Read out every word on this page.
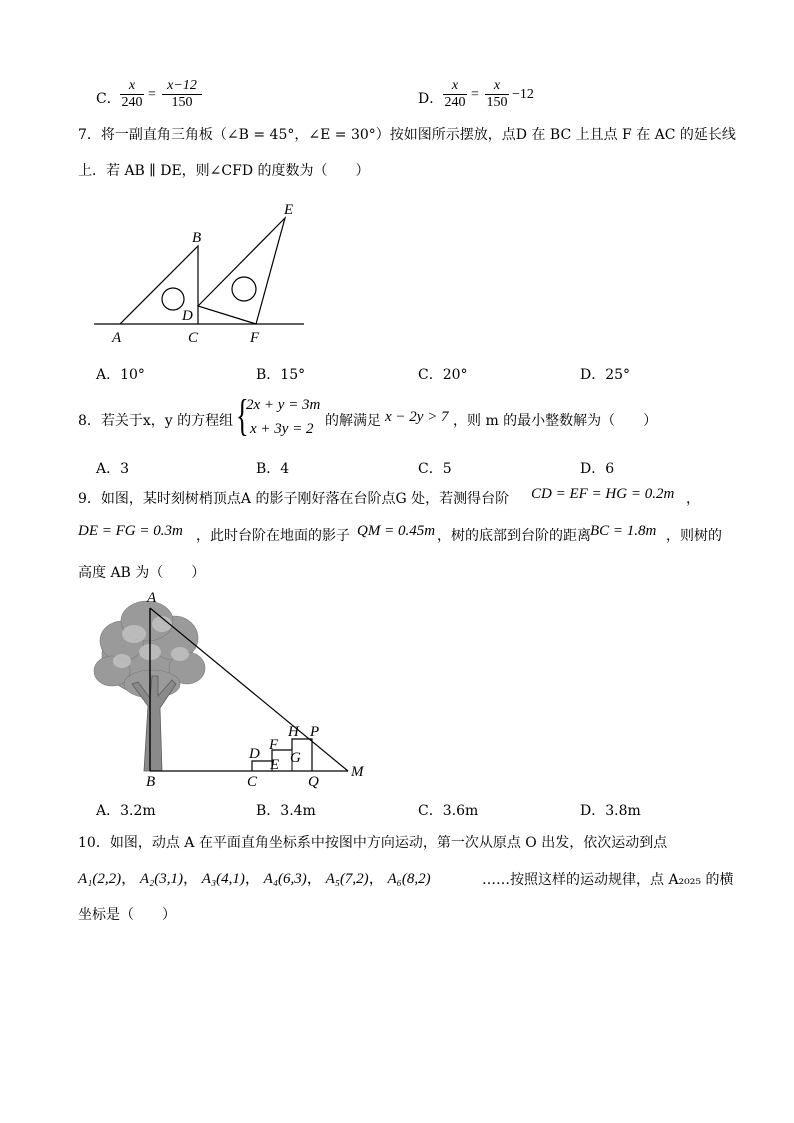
C． $\frac{x}{240} = \frac{x-12}{150}$	D． $\frac{x}{240} = \frac{x}{150} -12$
7．将一副直角三角板（∠B = 45°，∠E = 30°）按如图所示摆放，点D 在 BC 上且点 F 在 AC 的延长线
上．若 AB ∥ DE，则∠CFD 的度数为（　　）
A
B
C
D
E
F
A．10°	B．15°	C．20°	D．25°
8．若关于x，y 的方程组 {
2x + y = 3m
x + 3y = 2 的解满足 x − 2y > 7 ，则 m 的最小整数解为（　　）
A．3	B．4	C．5	D．6
9．如图，某时刻树梢顶点A 的影子刚好落在台阶点G 处，若测得台阶 CD = EF = HG = 0.2m ，
DE = FG = 0.3m ，此时台阶在地面的影子 QM = 0.45m ，树的底部到台阶的距离 BC = 1.8m ，则树的
高度 AB 为（　　）
A
B	C
D
E
F
G
H P
Q
M
A．3.2m	B．3.4m	C．3.6m	D．3.8m
10．如图，动点 A 在平面直角坐标系中按图中方向运动，第一次从原点 O 出发，依次运动到点
A₁(2,2)， A₂(3,1)， A₃(4,1)， A₄(6,3)， A₅(7,2)， A₆(8,2)	……按照这样的运动规律，点 A₂₀₂₅ 的横
坐标是（　　）
